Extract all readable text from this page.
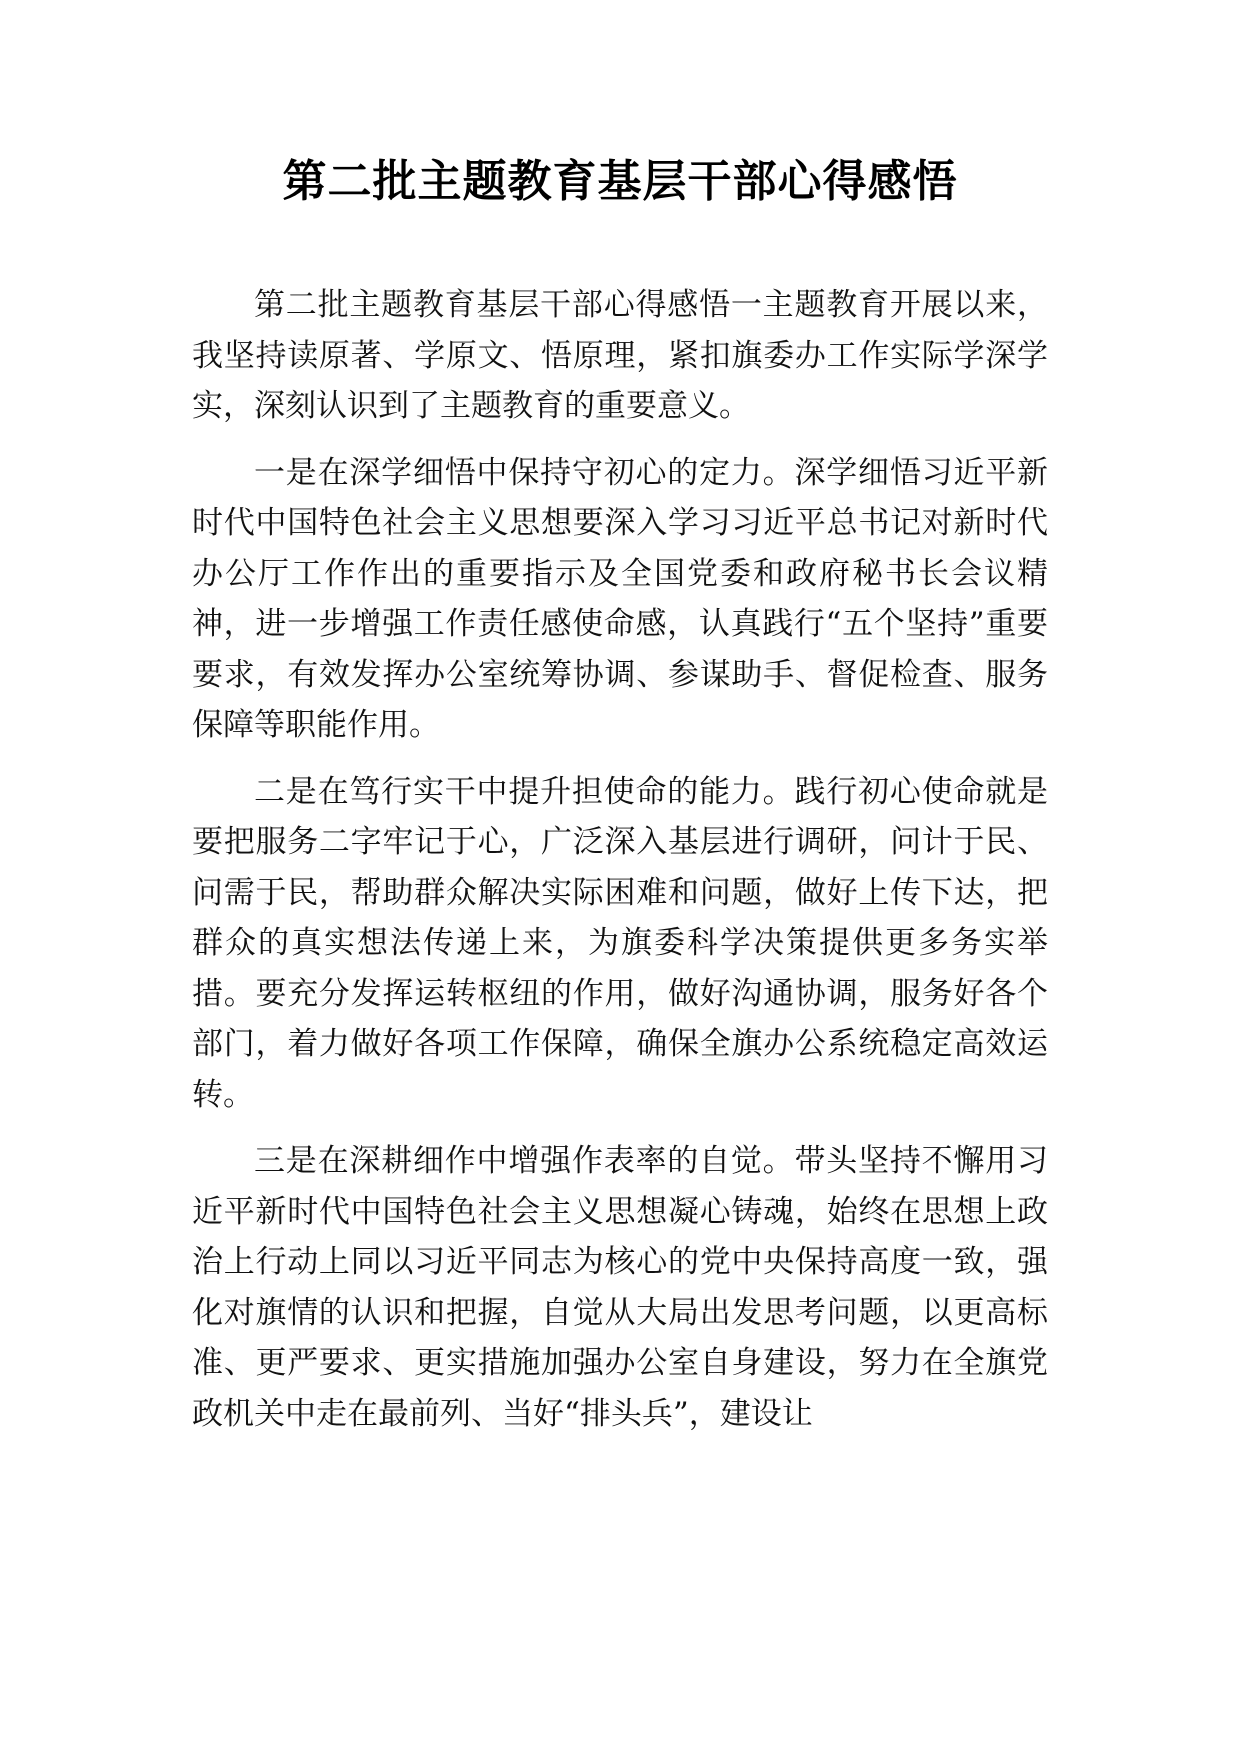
第二批主题教育基层干部心得感悟

第二批主题教育基层干部心得感悟一主题教育开展以来，我坚持读原著、学原文、悟原理，紧扣旗委办工作实际学深学实，深刻认识到了主题教育的重要意义。

一是在深学细悟中保持守初心的定力。深学细悟习近平新时代中国特色社会主义思想要深入学习习近平总书记对新时代办公厅工作作出的重要指示及全国党委和政府秘书长会议精神，进一步增强工作责任感使命感，认真践行“五个坚持”重要要求，有效发挥办公室统筹协调、参谋助手、督促检查、服务保障等职能作用。

二是在笃行实干中提升担使命的能力。践行初心使命就是要把服务二字牢记于心，广泛深入基层进行调研，问计于民、问需于民，帮助群众解决实际困难和问题，做好上传下达，把群众的真实想法传递上来，为旗委科学决策提供更多务实举措。要充分发挥运转枢纽的作用，做好沟通协调，服务好各个部门，着力做好各项工作保障，确保全旗办公系统稳定高效运转。

三是在深耕细作中增强作表率的自觉。带头坚持不懈用习近平新时代中国特色社会主义思想凝心铸魂，始终在思想上政治上行动上同以习近平同志为核心的党中央保持高度一致，强化对旗情的认识和把握，自觉从大局出发思考问题，以更高标准、更严要求、更实措施加强办公室自身建设，努力在全旗党政机关中走在最前列、当好“排头兵”，建设让
